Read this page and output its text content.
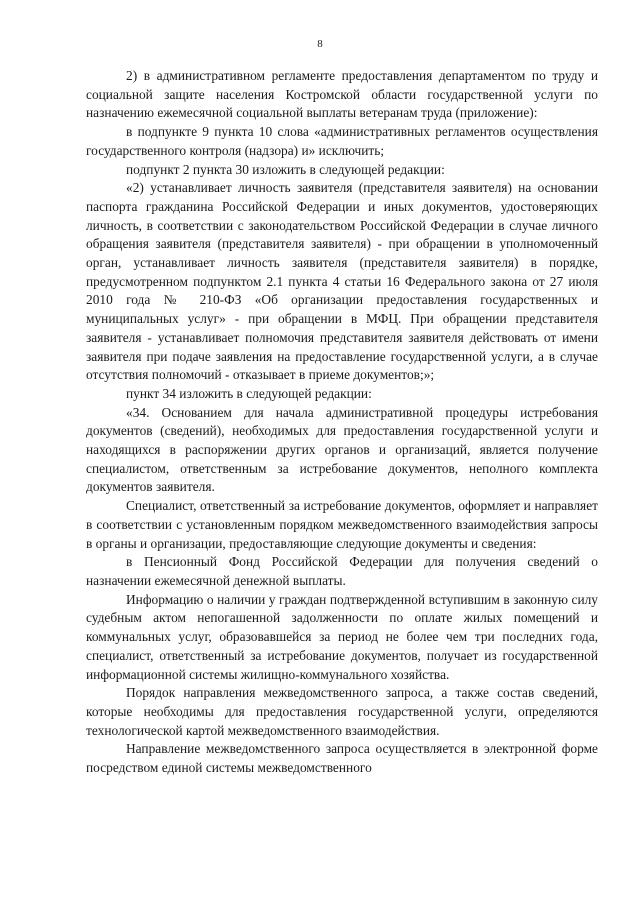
8

2) в административном регламенте предоставления департаментом по труду и социальной защите населения Костромской области государственной услуги по назначению ежемесячной социальной выплаты ветеранам труда (приложение):

в подпункте 9 пункта 10 слова «административных регламентов осуществления государственного контроля (надзора) и» исключить;

подпункт 2 пункта 30 изложить в следующей редакции:

«2) устанавливает личность заявителя (представителя заявителя) на основании паспорта гражданина Российской Федерации и иных документов, удостоверяющих личность, в соответствии с законодательством Российской Федерации в случае личного обращения заявителя (представителя заявителя) - при обращении в уполномоченный орган, устанавливает личность заявителя (представителя заявителя) в порядке, предусмотренном подпунктом 2.1 пункта 4 статьи 16 Федерального закона от 27 июля 2010 года № 210-ФЗ «Об организации предоставления государственных и муниципальных услуг» - при обращении в МФЦ. При обращении представителя заявителя - устанавливает полномочия представителя заявителя действовать от имени заявителя при подаче заявления на предоставление государственной услуги, а в случае отсутствия полномочий - отказывает в приеме документов;»;

пункт 34 изложить в следующей редакции:

«34. Основанием для начала административной процедуры истребования документов (сведений), необходимых для предоставления государственной услуги и находящихся в распоряжении других органов и организаций, является получение специалистом, ответственным за истребование документов, неполного комплекта документов заявителя.

Специалист, ответственный за истребование документов, оформляет и направляет в соответствии с установленным порядком межведомственного взаимодействия запросы в органы и организации, предоставляющие следующие документы и сведения:

в Пенсионный Фонд Российской Федерации для получения сведений о назначении ежемесячной денежной выплаты.

Информацию о наличии у граждан подтвержденной вступившим в законную силу судебным актом непогашенной задолженности по оплате жилых помещений и коммунальных услуг, образовавшейся за период не более чем три последних года, специалист, ответственный за истребование документов, получает из государственной информационной системы жилищно-коммунального хозяйства.

Порядок направления межведомственного запроса, а также состав сведений, которые необходимы для предоставления государственной услуги, определяются технологической картой межведомственного взаимодействия.

Направление межведомственного запроса осуществляется в электронной форме посредством единой системы межведомственного
